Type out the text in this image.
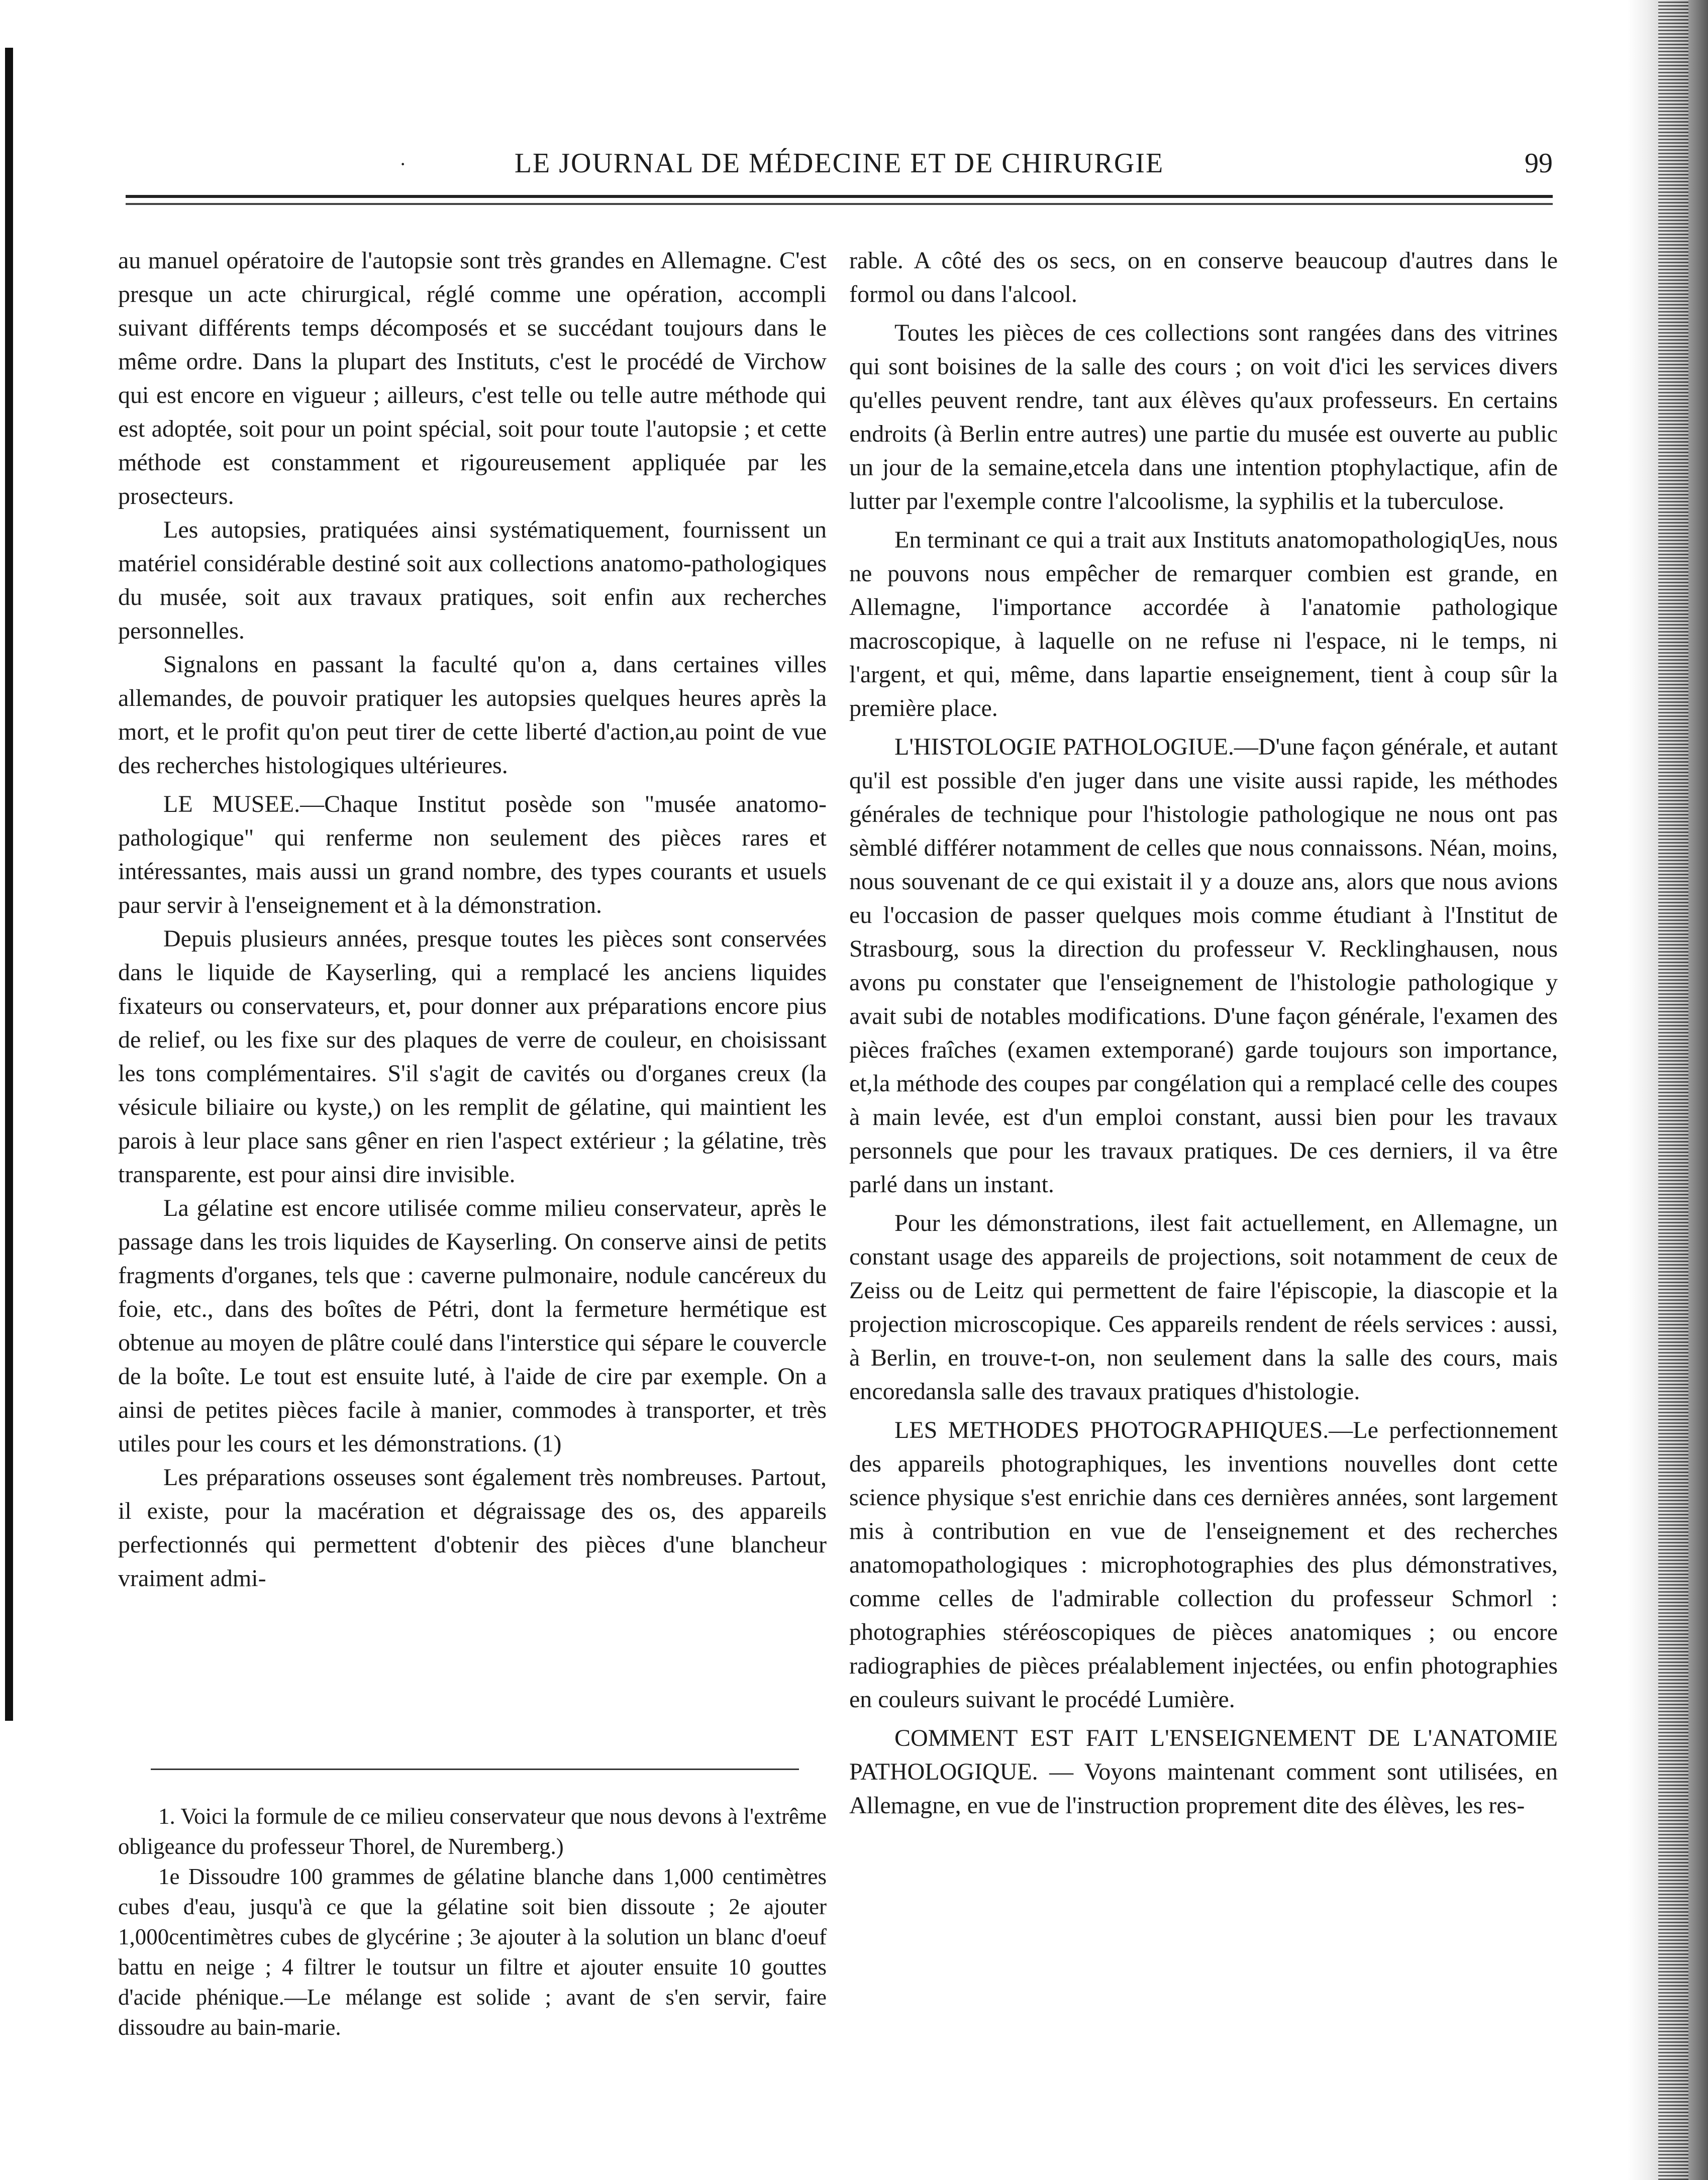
·	LE JOURNAL DE MÉDECINE ET DE CHIRURGIE	99

au manuel opératoire de l'autopsie sont très grandes en Allemagne. C'est presque un acte chirurgical, réglé comme une opération, accompli suivant différents temps décomposés et se succédant toujours dans le même ordre. Dans la plupart des Instituts, c'est le procédé de Virchow qui est encore en vigueur ; ailleurs, c'est telle ou telle autre méthode qui est adoptée, soit pour un point spécial, soit pour toute l'autopsie ; et cette méthode est constamment et rigoureusement appliquée par les prosecteurs.

Les autopsies, pratiquées ainsi systématiquement, fournissent un matériel considérable destiné soit aux collections anatomo-pathologiques du musée, soit aux travaux pratiques, soit enfin aux recherches personnelles.

Signalons en passant la faculté qu'on a, dans certaines villes allemandes, de pouvoir pratiquer les autopsies quelques heures après la mort, et le profit qu'on peut tirer de cette liberté d'action,au point de vue des recherches histologiques ultérieures.

LE MUSEE.—Chaque Institut posède son "musée anatomo-pathologique" qui renferme non seulement des pièces rares et intéressantes, mais aussi un grand nombre, des types courants et usuels paur servir à l'enseignement et à la démonstration.

Depuis plusieurs années, presque toutes les pièces sont conservées dans le liquide de Kayserling, qui a remplacé les anciens liquides fixateurs ou conservateurs, et, pour donner aux préparations encore pius de relief, ou les fixe sur des plaques de verre de couleur, en choisissant les tons complémentaires. S'il s'agit de cavités ou d'organes creux (la vésicule biliaire ou kyste,) on les remplit de gélatine, qui maintient les parois à leur place sans gêner en rien l'aspect extérieur ; la gélatine, très transparente, est pour ainsi dire invisible.

La gélatine est encore utilisée comme milieu conservateur, après le passage dans les trois liquides de Kayserling. On conserve ainsi de petits fragments d'organes, tels que : caverne pulmonaire, nodule cancéreux du foie, etc., dans des boîtes de Pétri, dont la fermeture hermétique est obtenue au moyen de plâtre coulé dans l'interstice qui sépare le couvercle de la boîte. Le tout est ensuite luté, à l'aide de cire par exemple. On a ainsi de petites pièces facile à manier, commodes à transporter, et très utiles pour les cours et les démonstrations. (1)

Les préparations osseuses sont également très nombreuses. Partout, il existe, pour la macération et dégraissage des os, des appareils perfectionnés qui permettent d'obtenir des pièces d'une blancheur vraiment admi-

rable. A côté des os secs, on en conserve beaucoup d'autres dans le formol ou dans l'alcool.

Toutes les pièces de ces collections sont rangées dans des vitrines qui sont boisines de la salle des cours ; on voit d'ici les services divers qu'elles peuvent rendre, tant aux élèves qu'aux professeurs. En certains endroits (à Berlin entre autres) une partie du musée est ouverte au public un jour de la semaine,etcela dans une intention ptophylactique, afin de lutter par l'exemple contre l'alcoolisme, la syphilis et la tuberculose.

En terminant ce qui a trait aux Instituts anatomopathologiqUes, nous ne pouvons nous empêcher de remarquer combien est grande, en Allemagne, l'importance accordée à l'anatomie pathologique macroscopique, à laquelle on ne refuse ni l'espace, ni le temps, ni l'argent, et qui, même, dans lapartie enseignement, tient à coup sûr la première place.

L'HISTOLOGIE PATHOLOGIUE.—D'une façon générale, et autant qu'il est possible d'en juger dans une visite aussi rapide, les méthodes générales de technique pour l'histologie pathologique ne nous ont pas sèmblé différer notamment de celles que nous connaissons. Néan, moins, nous souvenant de ce qui existait il y a douze ans, alors que nous avions eu l'occasion de passer quelques mois comme étudiant à l'Institut de Strasbourg, sous la direction du professeur V. Recklinghausen, nous avons pu constater que l'enseignement de l'histologie pathologique y avait subi de notables modifications. D'une façon générale, l'examen des pièces fraîches (examen extemporané) garde toujours son importance, et,la méthode des coupes par congélation qui a remplacé celle des coupes à main levée, est d'un emploi constant, aussi bien pour les travaux personnels que pour les travaux pratiques. De ces derniers, il va être parlé dans un instant.

Pour les démonstrations, ilest fait actuellement, en Allemagne, un constant usage des appareils de projections, soit notamment de ceux de Zeiss ou de Leitz qui permettent de faire l'épiscopie, la diascopie et la projection microscopique. Ces appareils rendent de réels services : aussi, à Berlin, en trouve-t-on, non seulement dans la salle des cours, mais encoredansla salle des travaux pratiques d'histologie.

LES METHODES PHOTOGRAPHIQUES.—Le perfectionnement des appareils photographiques, les inventions nouvelles dont cette science physique s'est enrichie dans ces dernières années, sont largement mis à contribution en vue de l'enseignement et des recherches anatomopathologiques : microphotographies des plus démonstratives, comme celles de l'admirable collection du professeur Schmorl : photographies stéréoscopiques de pièces anatomiques ; ou encore radiographies de pièces préalablement injectées, ou enfin photographies en couleurs suivant le procédé Lumière.

COMMENT EST FAIT L'ENSEIGNEMENT DE L'ANATOMIE PATHOLOGIQUE. — Voyons maintenant comment sont utilisées, en Allemagne, en vue de l'instruction proprement dite des élèves, les res-

1. Voici la formule de ce milieu conservateur que nous devons à l'extrême obligeance du professeur Thorel, de Nuremberg.)

1e Dissoudre 100 grammes de gélatine blanche dans 1,000 centimètres cubes d'eau, jusqu'à ce que la gélatine soit bien dissoute ; 2e ajouter 1,000centimètres cubes de glycérine ; 3e ajouter à la solution un blanc d'oeuf battu en neige ; 4 filtrer le toutsur un filtre et ajouter ensuite 10 gouttes d'acide phénique.—Le mélange est solide ; avant de s'en servir, faire dissoudre au bain-marie.
